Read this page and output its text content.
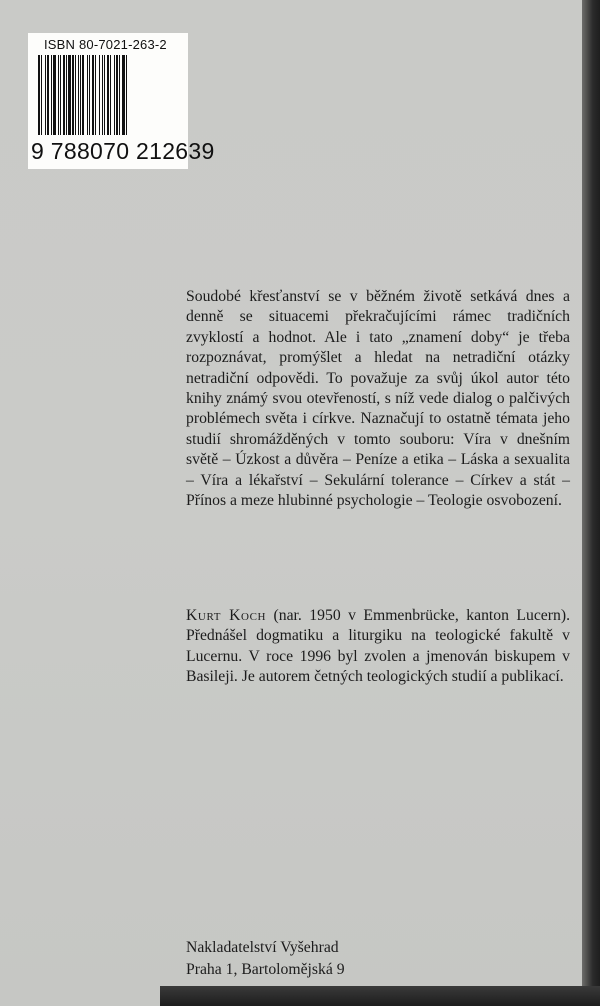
ISBN 80-7021-263-2
9 788070 212639

Soudobé křesťanství se v běžném životě setkává dnes a denně se situacemi překračujícími rámec tradičních zvyklostí a hodnot. Ale i tato „znamení doby“ je třeba rozpoznávat, promýšlet a hledat na netradiční otázky netradiční odpovědi. To považuje za svůj úkol autor této knihy známý svou otevřeností, s níž vede dialog o palčivých problémech světa i církve. Naznačují to ostatně témata jeho studií shromážděných v tomto souboru: Víra v dnešním světě – Úzkost a důvěra – Peníze a etika – Láska a sexualita – Víra a lékařství – Sekulární tolerance – Církev a stát – Přínos a meze hlubinné psychologie – Teologie osvobození.

Kurt Koch (nar. 1950 v Emmenbrücke, kanton Lucern). Přednášel dogmatiku a liturgiku na teologické fakultě v Lucernu. V roce 1996 byl zvolen a jmenován biskupem v Basileji. Je autorem četných teologických studií a publikací.

Nakladatelství Vyšehrad
Praha 1, Bartolomějská 9
